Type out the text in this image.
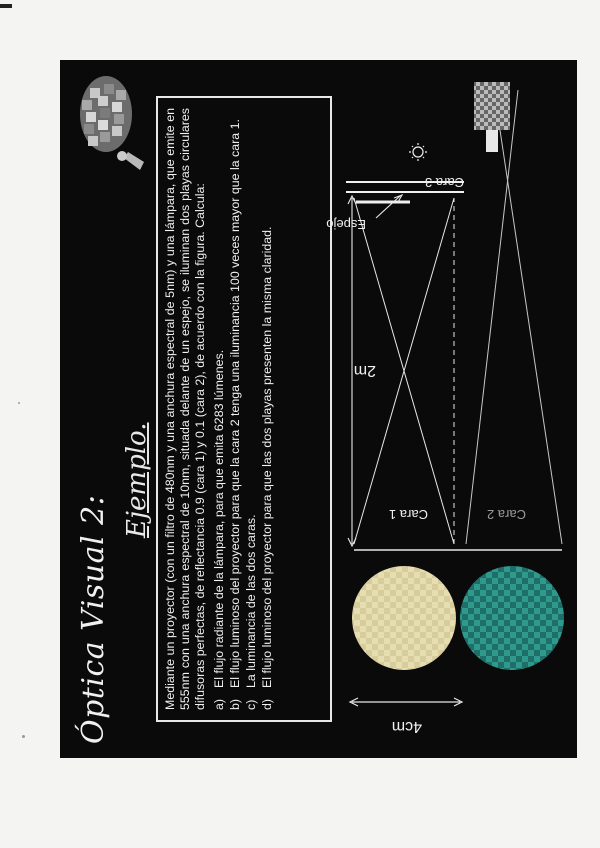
Óptica Visual 2:
Ejemplo. Mediante un proyector (con un filtro de 480nm y una anchura espectral de 5nm) y una lámpara, que emite en 555nm con una anchura espectral de 10nm, situada delante de un espejo, se iluminan dos playas circulares difusoras perfectas, de reflectancia 0.9 (cara 1) y 0.1 (cara 2), de acuerdo con la figura. Calcula: a)
El flujo radiante de la lámpara, para que emita 6283 lúmenes.
b)
El flujo luminoso del proyector para que la cara 2 tenga una iluminancia 100 veces mayor que la cara 1.
c)
La luminancia de las dos caras.
d)
El flujo luminoso del proyector para que las dos playas presenten la misma claridad.
4cm
2m
Cara 1	Cara 2
Cara 3
Espejo
